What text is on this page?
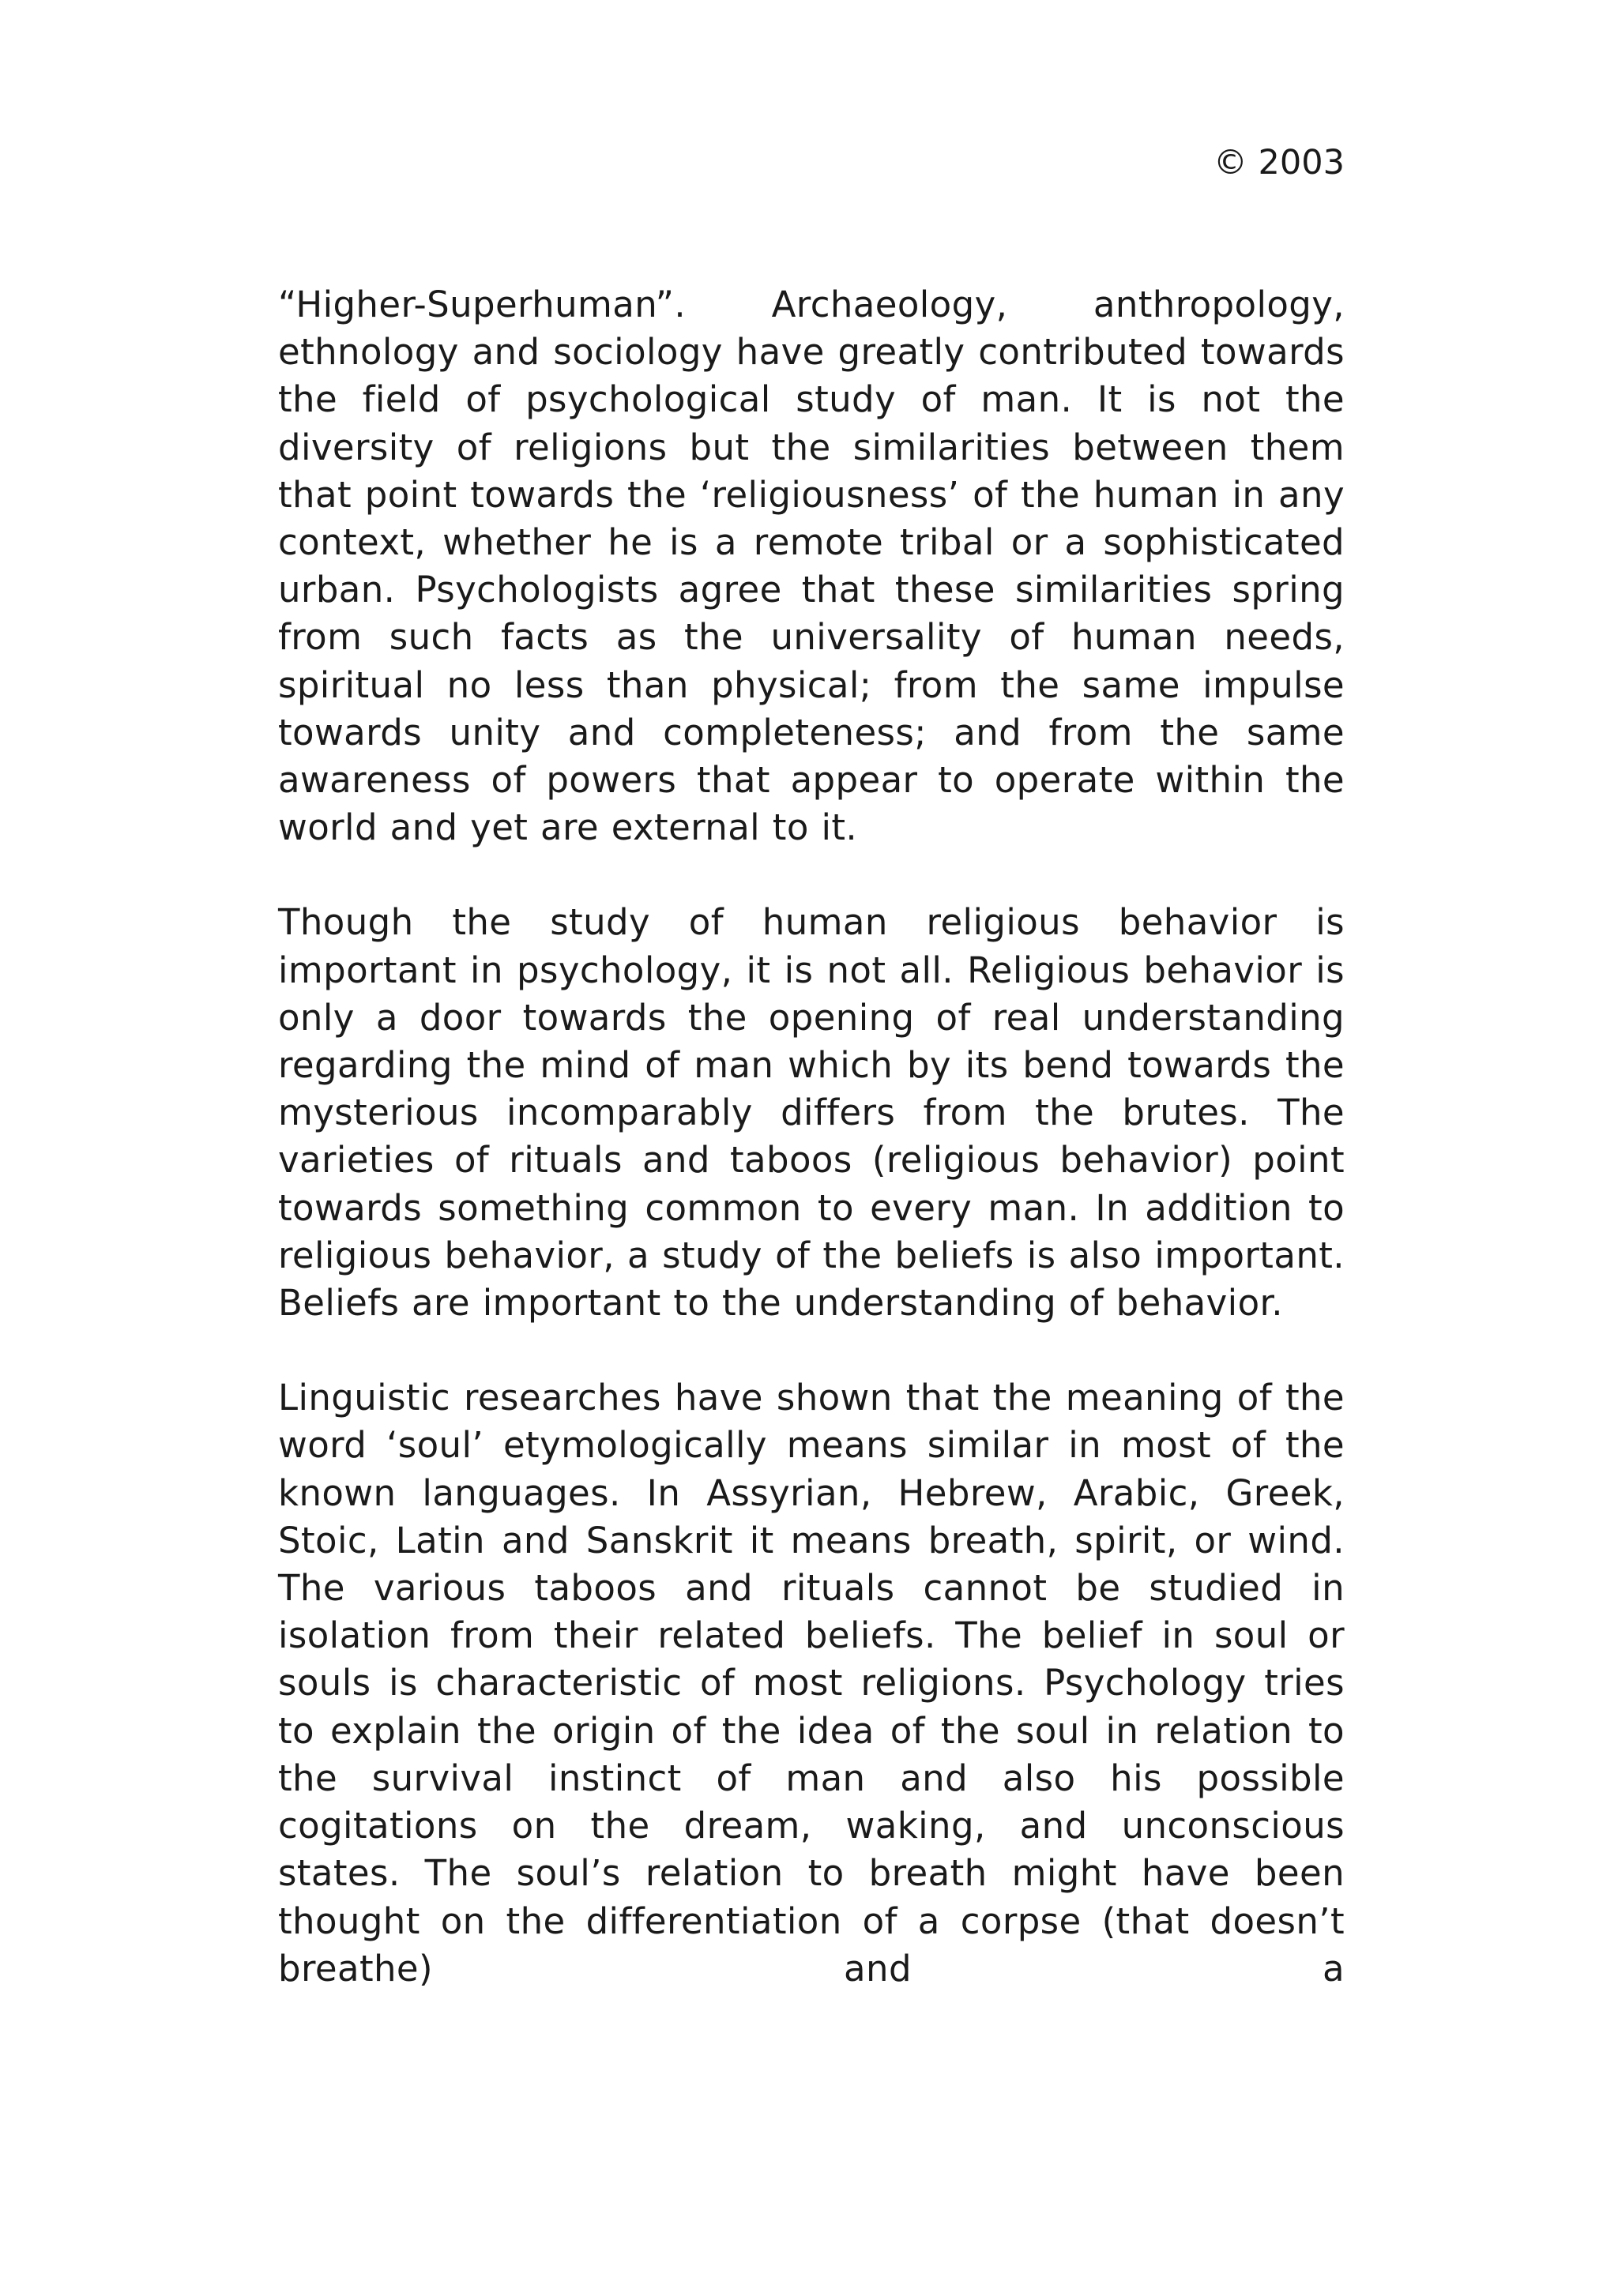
© 2003

“Higher-Superhuman”. Archaeology, anthropology, ethnology and sociology have greatly contributed towards the field of psychological study of man. It is not the diversity of religions but the similarities between them that point towards the ‘religiousness’ of the human in any context, whether he is a remote tribal or a sophisticated urban. Psychologists agree that these similarities spring from such facts as the universality of human needs, spiritual no less than physical; from the same impulse towards unity and completeness; and from the same awareness of powers that appear to operate within the world and yet are external to it.

Though the study of human religious behavior is important in psychology, it is not all. Religious behavior is only a door towards the opening of real understanding regarding the mind of man which by its bend towards the mysterious incomparably differs from the brutes. The varieties of rituals and taboos (religious behavior) point towards something common to every man. In addition to religious behavior, a study of the beliefs is also important. Beliefs are important to the understanding of behavior.

Linguistic researches have shown that the meaning of the word ‘soul’ etymologically means similar in most of the known languages. In Assyrian, Hebrew, Arabic, Greek, Stoic, Latin and Sanskrit it means breath, spirit, or wind. The various taboos and rituals cannot be studied in isolation from their related beliefs. The belief in soul or souls is characteristic of most religions. Psychology tries to explain the origin of the idea of the soul in relation to the survival instinct of man and also his possible cogitations on the dream, waking, and unconscious states. The soul’s relation to breath might have been thought on the differentiation of a corpse (that doesn’t breathe) and a
